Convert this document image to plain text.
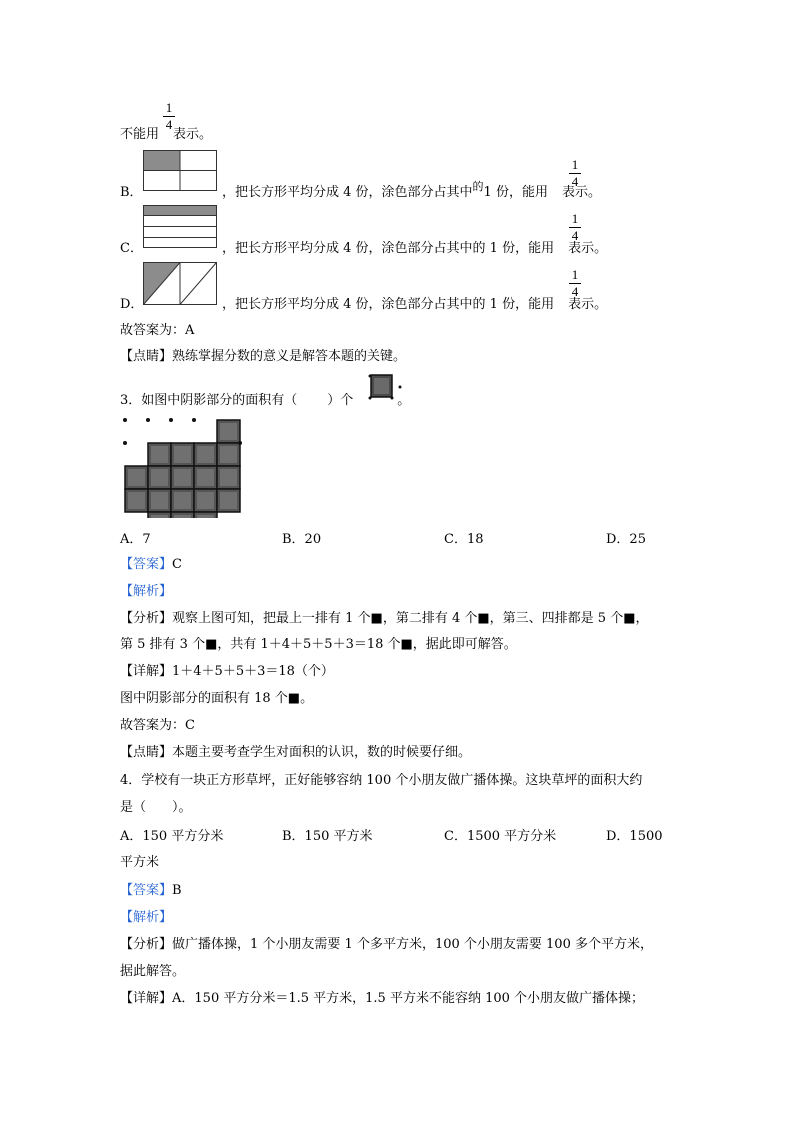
1
4
不能用 表示。
B．	，把长方形平均分成 4 份，涂色部分占其中$^的$1 份，能用 表示。
1
4
C．	，把长方形平均分成 4 份，涂色部分占其中的 1 份，能用 表示。
1
4
D．	，把长方形平均分成 4 份，涂色部分占其中的 1 份，能用 表示。
1
4
故答案为：A
【点睛】熟练掌握分数的意义是解答本题的关键。
3．如图中阴影部分的面积有（ ）个	。
A．7	B．20	C．18	D．25
【答案】C
【解析】
【分析】观察上图可知，把最上一排有 1 个■，第二排有 4 个■，第三、四排都是 5 个■，
第 5 排有 3 个■，共有 1＋4＋5＋5＋3＝18 个■，据此即可解答。
【详解】1＋4＋5＋5＋3＝18（个）
图中阴影部分的面积有 18 个■。
故答案为：C
【点睛】本题主要考查学生对面积的认识，数的时候要仔细。
4．学校有一块正方形草坪，正好能够容纳 100 个小朋友做广播体操。这块草坪的面积大约
是（　　）。
A．150 平方分米	B．150 平方米	C．1500 平方分米	D．1500
平方米
【答案】B
【解析】
【分析】做广播体操，1 个小朋友需要 1 个多平方米，100 个小朋友需要 100 多个平方米，
据此解答。
【详解】A．150 平方分米＝1.5 平方米，1.5 平方米不能容纳 100 个小朋友做广播体操；
